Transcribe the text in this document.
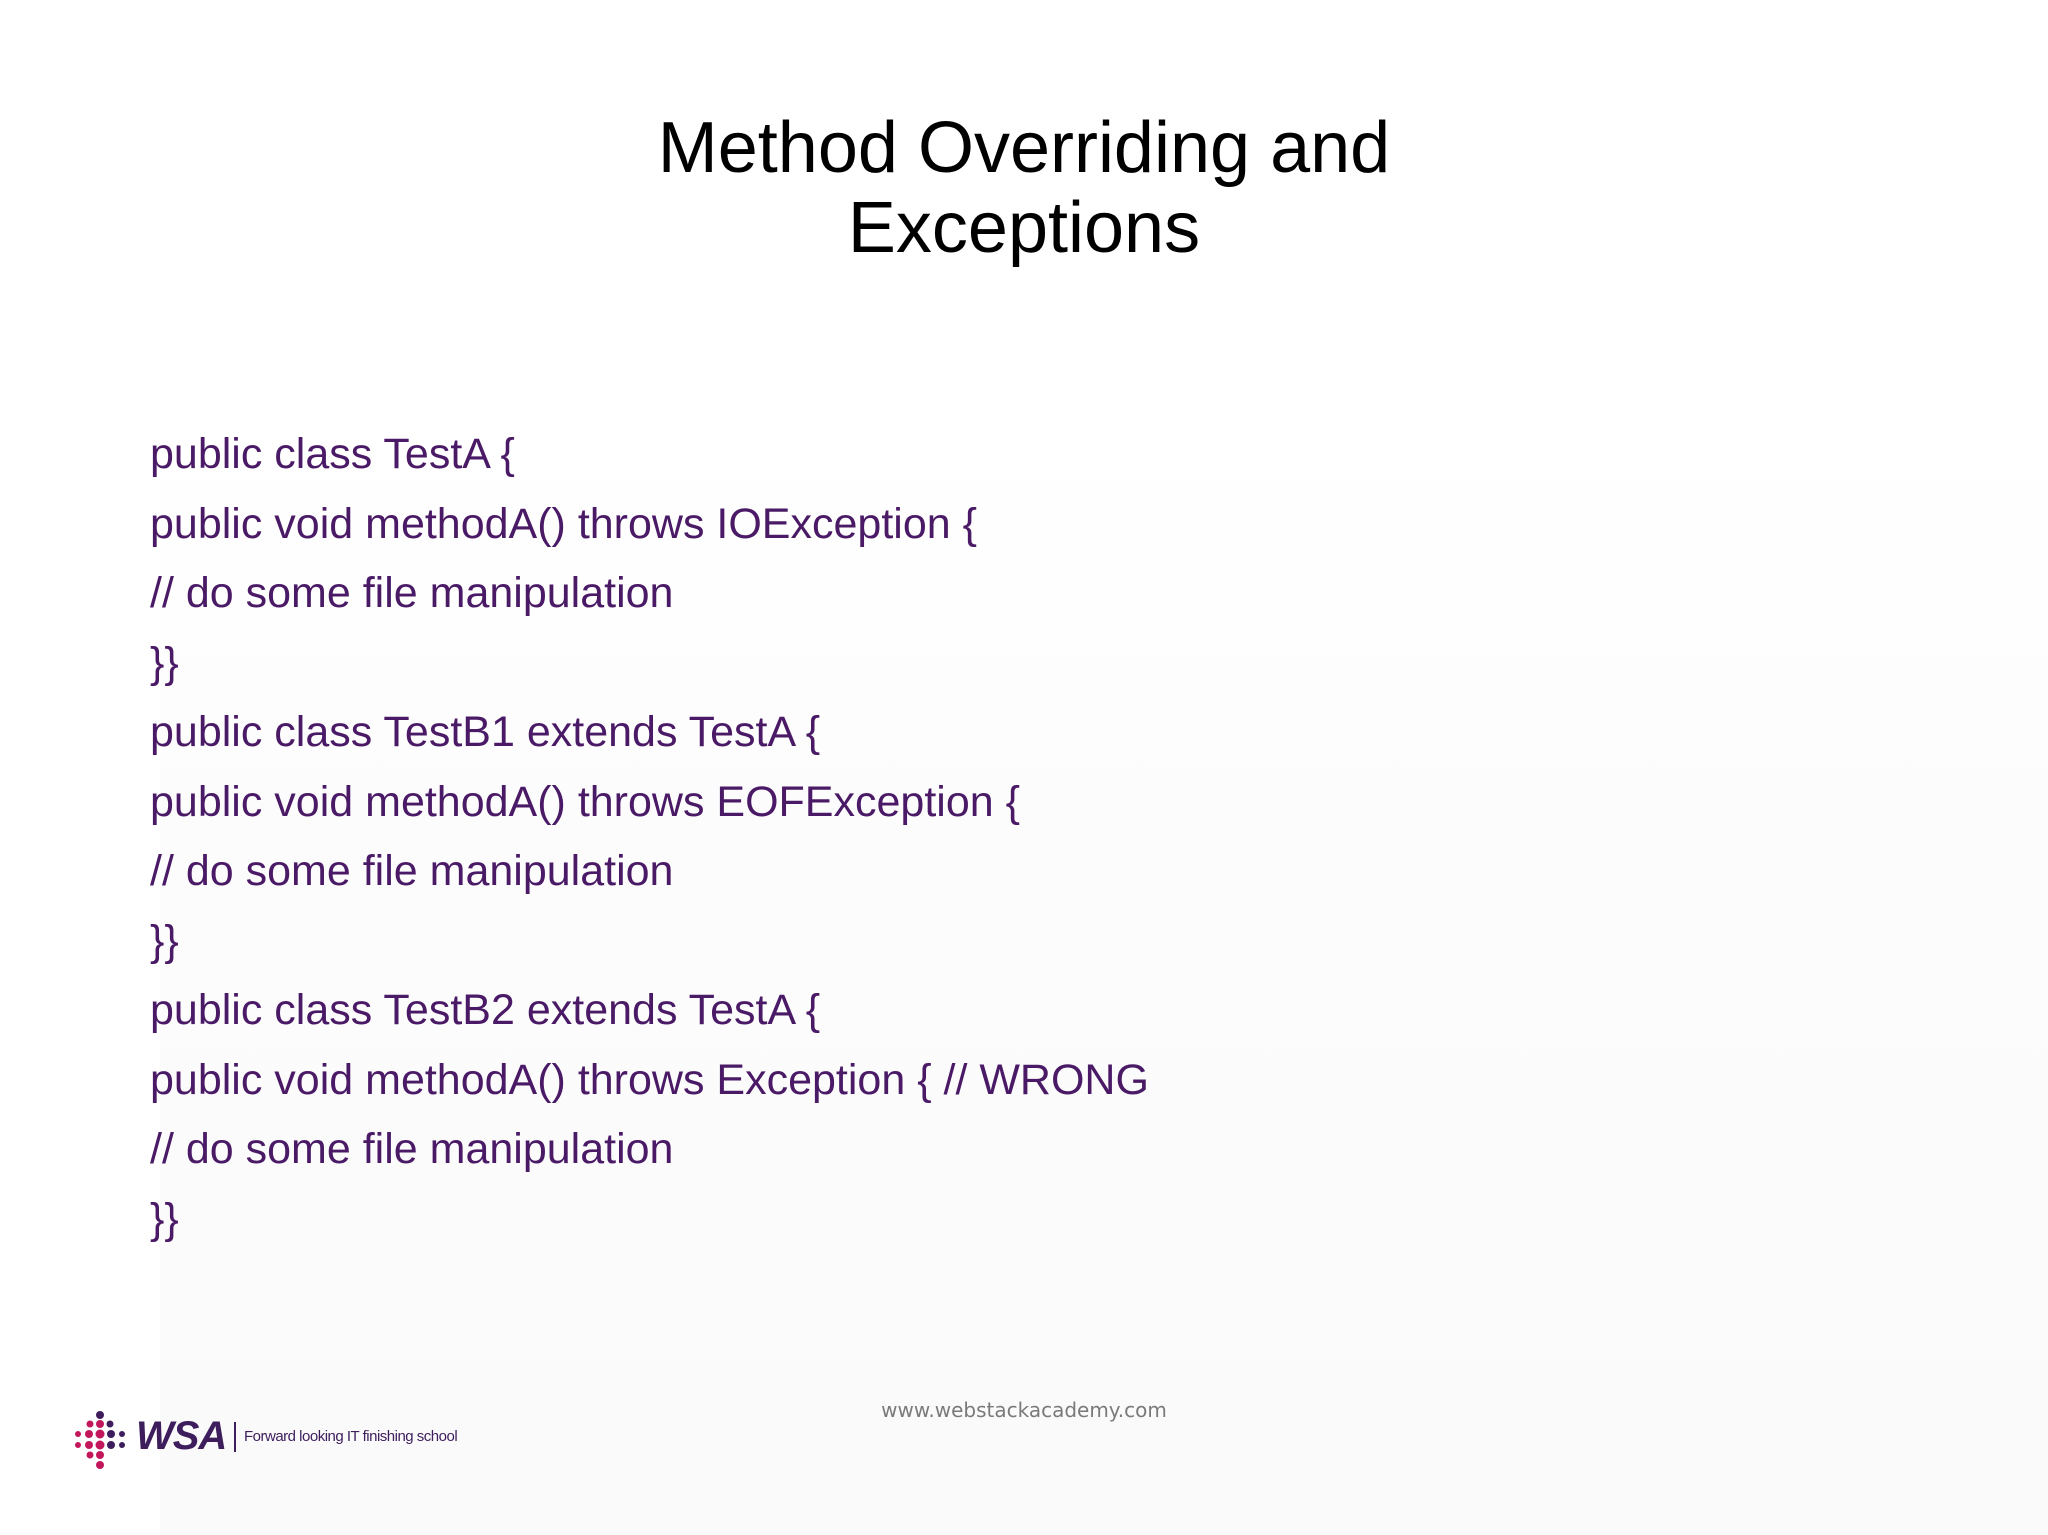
Method Overriding and
Exceptions
public class TestA {
public void methodA() throws IOException {
// do some file manipulation
}}
public class TestB1 extends TestA {
public void methodA() throws EOFException {
// do some file manipulation
}}
public class TestB2 extends TestA {
public void methodA() throws Exception { // WRONG
// do some file manipulation
}}
www.webstackacademy.com
WSA Forward looking IT finishing school
